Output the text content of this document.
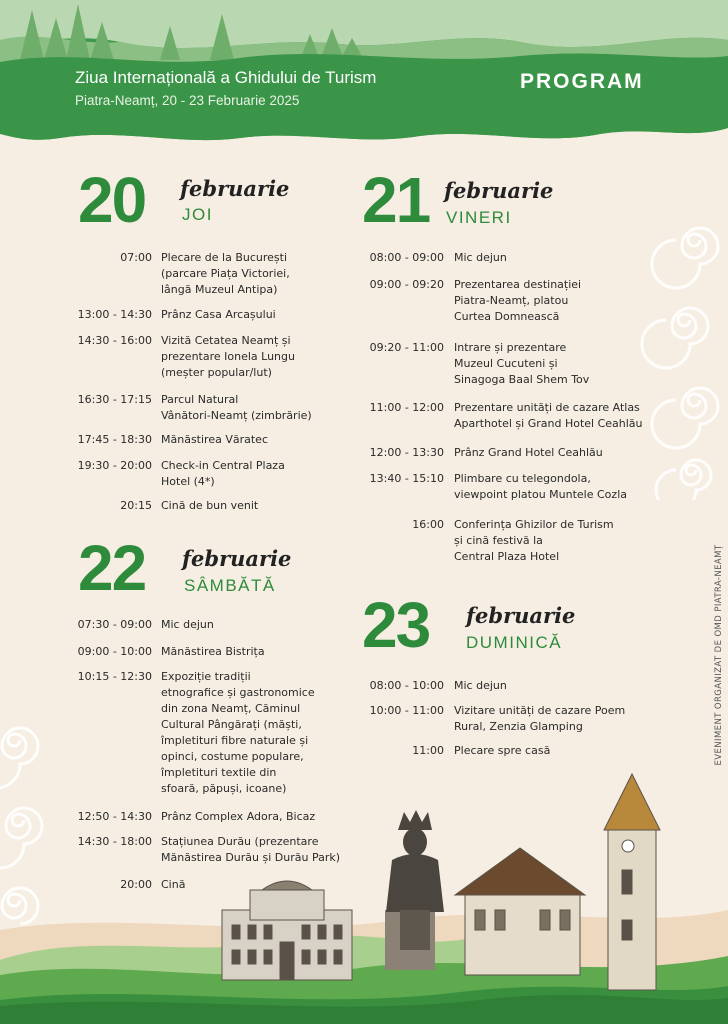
Ziua Internațională a Ghidului de Turism
Piatra-Neamț, 20 - 23 Februarie 2025
PROGRAM
20 februarie
JOI
07:00 Plecare de la București
(parcare Piața Victoriei,
lângă Muzeul Antipa)
13:00 - 14:30 Prânz Casa Arcașului
14:30 - 16:00 Vizită Cetatea Neamț și
prezentare Ionela Lungu
(meșter popular/lut)
16:30 - 17:15 Parcul Natural
Vânători-Neamț (zimbrărie)
17:45 - 18:30 Mănăstirea Văratec
19:30 - 20:00 Check-in Central Plaza
Hotel (4*)
20:15 Cină de bun venit
21 februarie
VINERI
08:00 - 09:00 Mic dejun
09:00 - 09:20 Prezentarea destinației
Piatra-Neamț, platou
Curtea Domnească
09:20 - 11:00 Intrare și prezentare
Muzeul Cucuteni și
Sinagoga Baal Shem Tov
11:00 - 12:00 Prezentare unități de cazare Atlas
Aparthotel și Grand Hotel Ceahlău
12:00 - 13:30 Prânz Grand Hotel Ceahlău
13:40 - 15:10 Plimbare cu telegondola,
viewpoint platou Muntele Cozla
16:00 Conferința Ghizilor de Turism
și cină festivă la
Central Plaza Hotel
22 februarie
SÂMBĂTĂ
07:30 - 09:00 Mic dejun
09:00 - 10:00 Mănăstirea Bistrița
10:15 - 12:30 Expoziție tradiții
etnografice și gastronomice
din zona Neamț, Căminul
Cultural Pângărați (măști,
împletituri fibre naturale și
opinci, costume populare,
împletituri textile din
sfoară, păpuși, icoane)
12:50 - 14:30 Prânz Complex Adora, Bicaz
14:30 - 18:00 Stațiunea Durău (prezentare
Mănăstirea Durău și Durău Park)
20:00 Cină
23 februarie
DUMINICĂ
08:00 - 10:00 Mic dejun
10:00 - 11:00 Vizitare unități de cazare Poem
Rural, Zenzia Glamping
11:00 Plecare spre casă	EVENIMENT ORGANIZAT DE OMD PIATRA-NEAMȚ
